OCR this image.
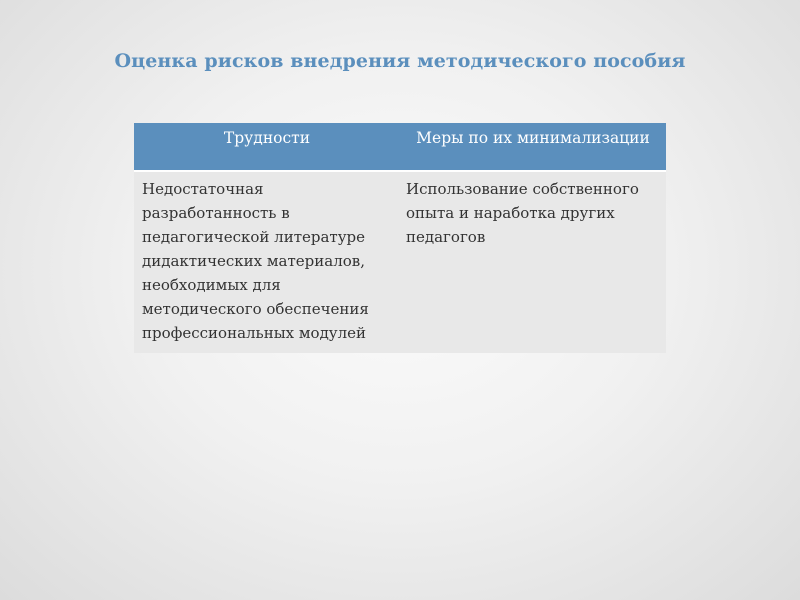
Оценка рисков внедрения методического пособия
Трудности	Меры по их минимализации
Недостаточная разработанность в педагогической литературе дидактических материалов, необходимых для методического обеспечения профессиональных модулей	Использование собственного опыта и наработка других педагогов
